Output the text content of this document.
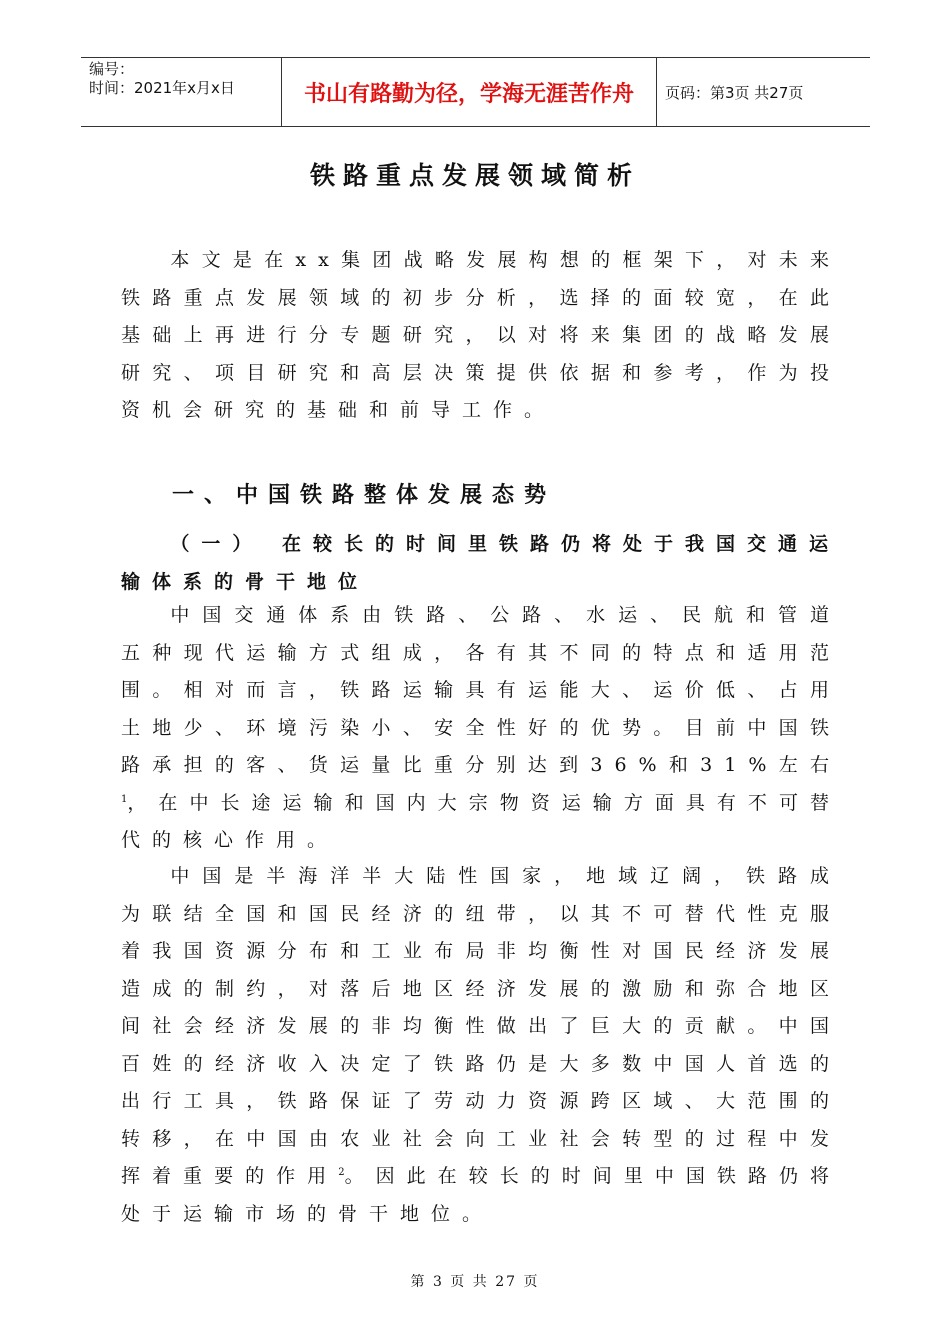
编号：
时间：2021年x月x日	书山有路勤为径，学海无涯苦作舟	页码：第3页 共27页
铁路重点发展领域简析
本文是在xx集团战略发展构想的框架下，对未来铁路重点发展领域的初步分析，选择的面较宽，在此基础上再进行分专题研究，以对将来集团的战略发展研究、项目研究和高层决策提供依据和参考，作为投资机会研究的基础和前导工作。
一、中国铁路整体发展态势
（一） 在较长的时间里铁路仍将处于我国交通运输体系的骨干地位
中国交通体系由铁路、公路、水运、民航和管道五种现代运输方式组成，各有其不同的特点和适用范围。相对而言，铁路运输具有运能大、运价低、占用土地少、环境污染小、安全性好的优势。目前中国铁路承担的客、货运量比重分别达到36%和31%左右$^1$，在中长途运输和国内大宗物资运输方面具有不可替代的核心作用。
中国是半海洋半大陆性国家，地域辽阔，铁路成为联结全国和国民经济的纽带，以其不可替代性克服着我国资源分布和工业布局非均衡性对国民经济发展造成的制约，对落后地区经济发展的激励和弥合地区间社会经济发展的非均衡性做出了巨大的贡献。中国百姓的经济收入决定了铁路仍是大多数中国人首选的出行工具，铁路保证了劳动力资源跨区域、大范围的转移，在中国由农业社会向工业社会转型的过程中发挥着重要的作用$^2$。因此在较长的时间里中国铁路仍将处于运输市场的骨干地位。
第 3 页 共 27 页
